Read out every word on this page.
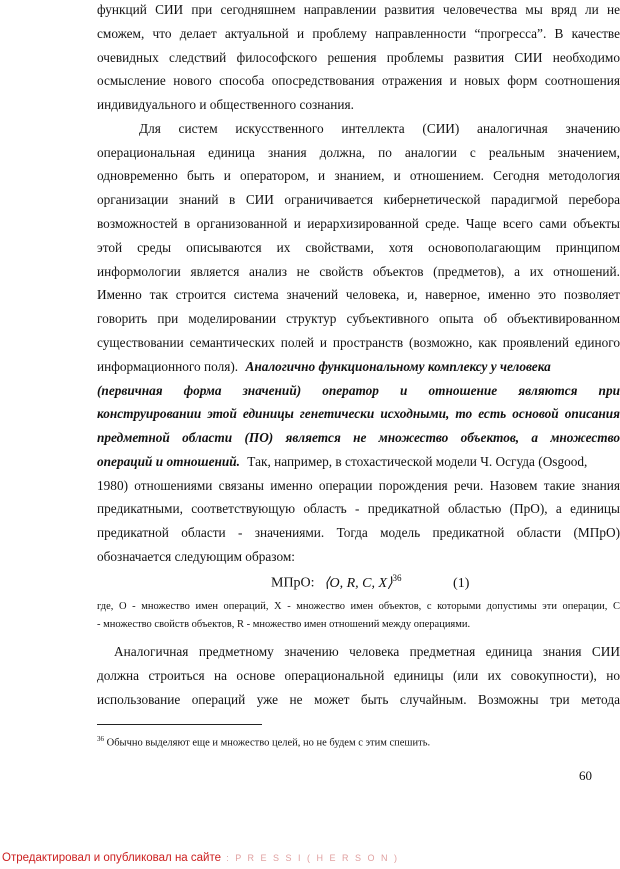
функций СИИ при сегодняшнем направлении развития человечества мы вряд ли не
сможем, что делает актуальной и проблему направленности “прогресса”. В качестве
очевидных следствий философского решения проблемы развития СИИ необходимо
осмысление нового способа опосредствования отражения и новых форм соотношения
индивидуального и общественного сознания.
Для систем искусственного интеллекта (СИИ) аналогичная значению
операциональная единица знания должна, по аналогии с реальным значением,
одновременно быть и оператором, и знанием, и отношением. Сегодня методология
организации знаний в СИИ ограничивается кибернетической парадигмой перебора
возможностей в организованной и иерархизированной среде. Чаще всего сами объекты
этой среды описываются их свойствами, хотя основополагающим принципом
информологии является анализ не свойств объектов (предметов), а их отношений.
Именно так строится система значений человека, и, наверное, именно это позволяет
говорить при моделировании структур субъективного опыта об объективированном
существовании семантических полей и пространств (возможно, как проявлений единого
информационного поля). Аналогично функциональному комплексу у человека
(первичная форма значений) оператор и отношение являются при
конструировании этой единицы генетически исходными, то есть основой описания
предметной области (ПО) является не множество объектов, а множество
операций и отношений. Так, например, в стохастической модели Ч. Осгуда (Osgood,
1980) отношениями связаны именно операции порождения речи. Назовем такие знания
предикатными, соответствующую область - предикатной областью (ПрО), а единицы
предикатной области - значениями. Тогда модель предикатной области (МПрО)
обозначается следующим образом:
МПрО: ⟨O, R, C, X⟩$^{36}$	(1)
где, O - множество имен операций, X - множество имен объектов, с которыми допустимы эти операции, C
- множество свойств объектов, R - множество имен отношений между операциями.
Аналогичная предметному значению человека предметная единица знания СИИ
должна строиться на основе операциональной единицы (или их совокупности), но
использование операций уже не может быть случайным. Возможны три метода
$^{36}$ Обычно выделяют еще и множество целей, но не будем с этим спешить.
60
Отредактировал и опубликовал на сайте : P R E S S I ( H E R S O N )
